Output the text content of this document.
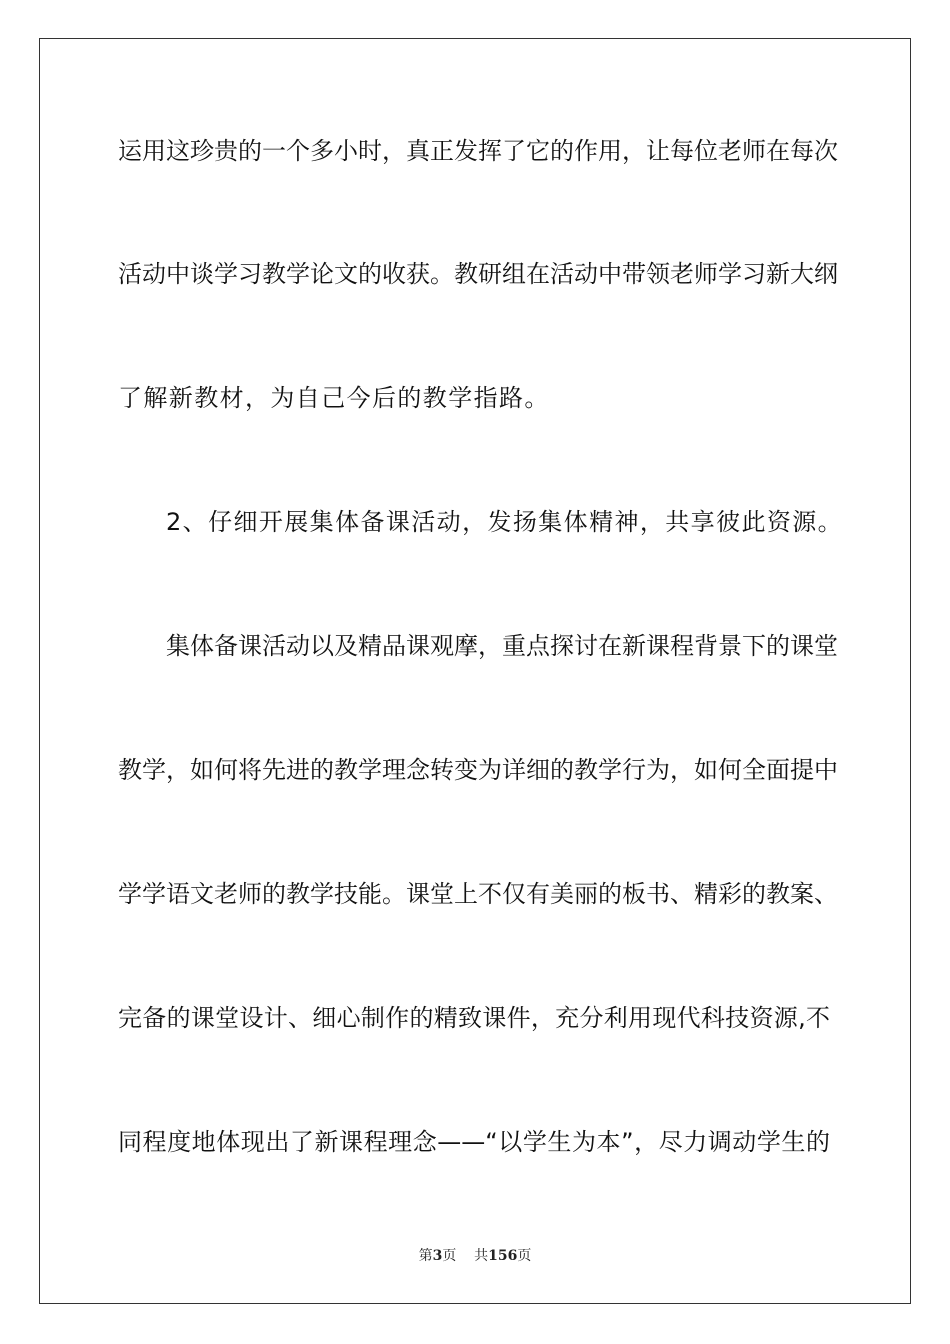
运用这珍贵的一个多小时，真正发挥了它的作用，让每位老师在每次
活动中谈学习教学论文的收获。教研组在活动中带领老师学习新大纲
了解新教材，为自己今后的教学指路。
2、仔细开展集体备课活动，发扬集体精神，共享彼此资源。
集体备课活动以及精品课观摩，重点探讨在新课程背景下的课堂
教学，如何将先进的教学理念转变为详细的教学行为，如何全面提中
学学语文老师的教学技能。课堂上不仅有美丽的板书、精彩的教案、
完备的课堂设计、细心制作的精致课件，充分利用现代科技资源,不
同程度地体现出了新课程理念——“以学生为本”，尽力调动学生的
第3页 共156页
